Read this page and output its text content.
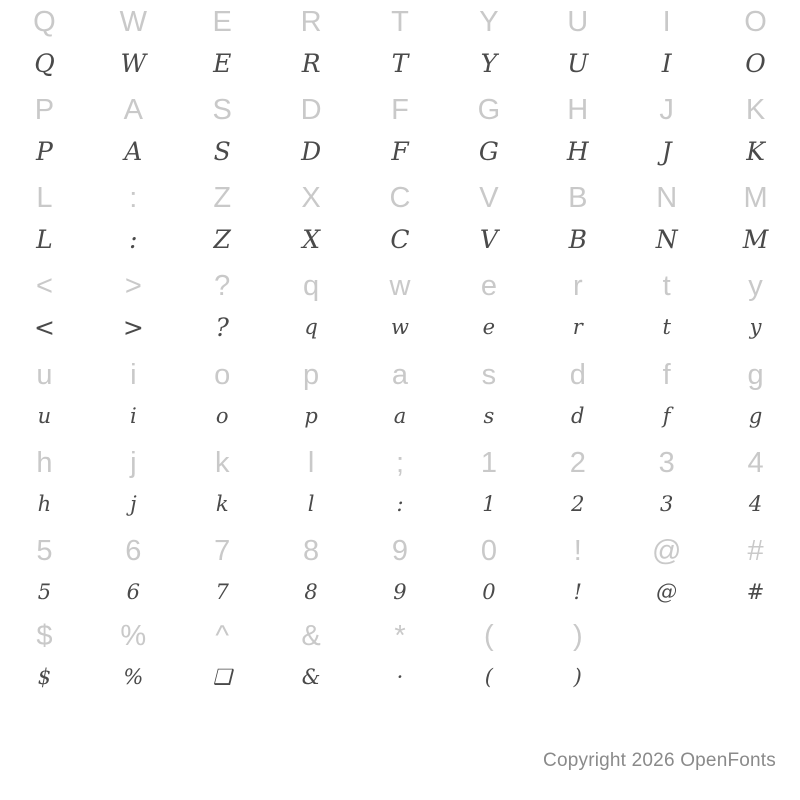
Q
Q
W
W
E
E
R
R
T
T
Y
Y
U
U
I
I
O
O
P
P
A
A
S
S
D
D
F
F
G
G
H
H
J
J
K
K
L
L
:
:
Z
Z
X
X
C
C
V
V
B
B
N
N
M
M
<
<
>
>
?
?
q
q
w
w
e
e
r
r
t
t
y
y
u
u
i
i
o
o
p
p
a
a
s
s
d
d
f
f
g
g
h
h
j
j
k
k
l
l
;
:
1
1
2
2
3
3
4
4
5
5
6
6
7
7
8
8
9
9
0
0
!
!
@
@
#
#
$
$
%
%
^
❑
&
&
*
·
(
(
)
)
Copyright 2026 OpenFonts
